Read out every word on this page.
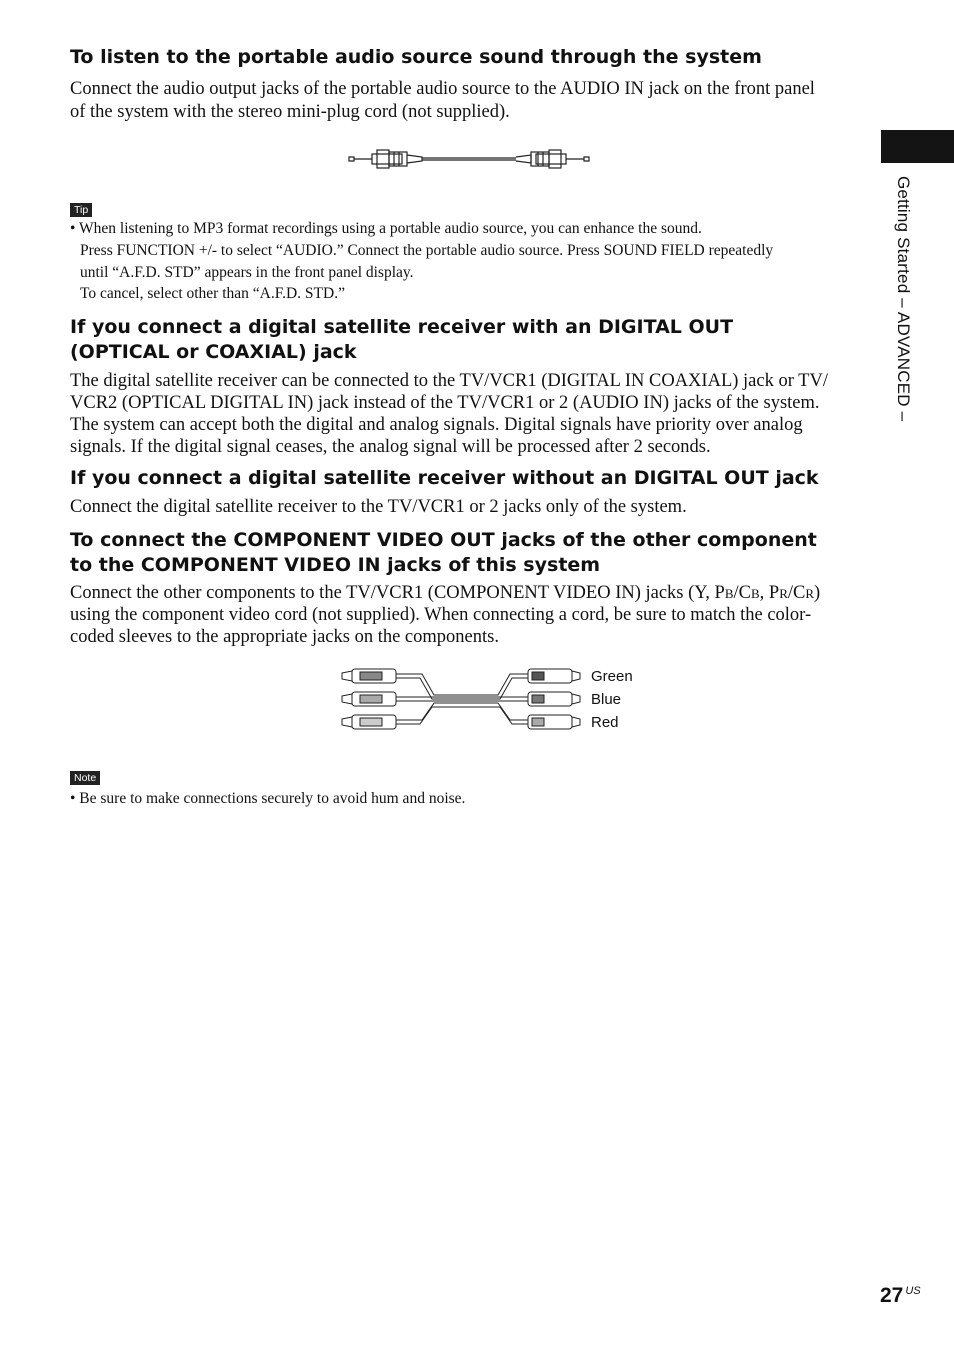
To listen to the portable audio source sound through the system

Connect the audio output jacks of the portable audio source to the AUDIO IN jack on the front panel

of the system with the stereo mini-plug cord (not supplied).

Tip

• When listening to MP3 format recordings using a portable audio source, you can enhance the sound.

Press FUNCTION +/- to select “AUDIO.” Connect the portable audio source. Press SOUND FIELD repeatedly

until “A.F.D. STD” appears in the front panel display.

To cancel, select other than “A.F.D. STD.”

If you connect a digital satellite receiver with an DIGITAL OUT
(OPTICAL or COAXIAL) jack

The digital satellite receiver can be connected to the TV/VCR1 (DIGITAL IN COAXIAL) jack or TV/

VCR2 (OPTICAL DIGITAL IN) jack instead of the TV/VCR1 or 2 (AUDIO IN) jacks of the system.

The system can accept both the digital and analog signals. Digital signals have priority over analog

signals. If the digital signal ceases, the analog signal will be processed after 2 seconds.

If you connect a digital satellite receiver without an DIGITAL OUT jack

Connect the digital satellite receiver to the TV/VCR1 or 2 jacks only of the system.

To connect the COMPONENT VIDEO OUT jacks of the other component
to the COMPONENT VIDEO IN jacks of this system

Connect the other components to the TV/VCR1 (COMPONENT VIDEO IN) jacks (Y, PB/CB, PR/CR)

using the component video cord (not supplied). When connecting a cord, be sure to match the color-

coded sleeves to the appropriate jacks on the components.

Green
Blue
Red
Note

• Be sure to make connections securely to avoid hum and noise.

Getting Started – ADVANCED –
27 $^{US}$
